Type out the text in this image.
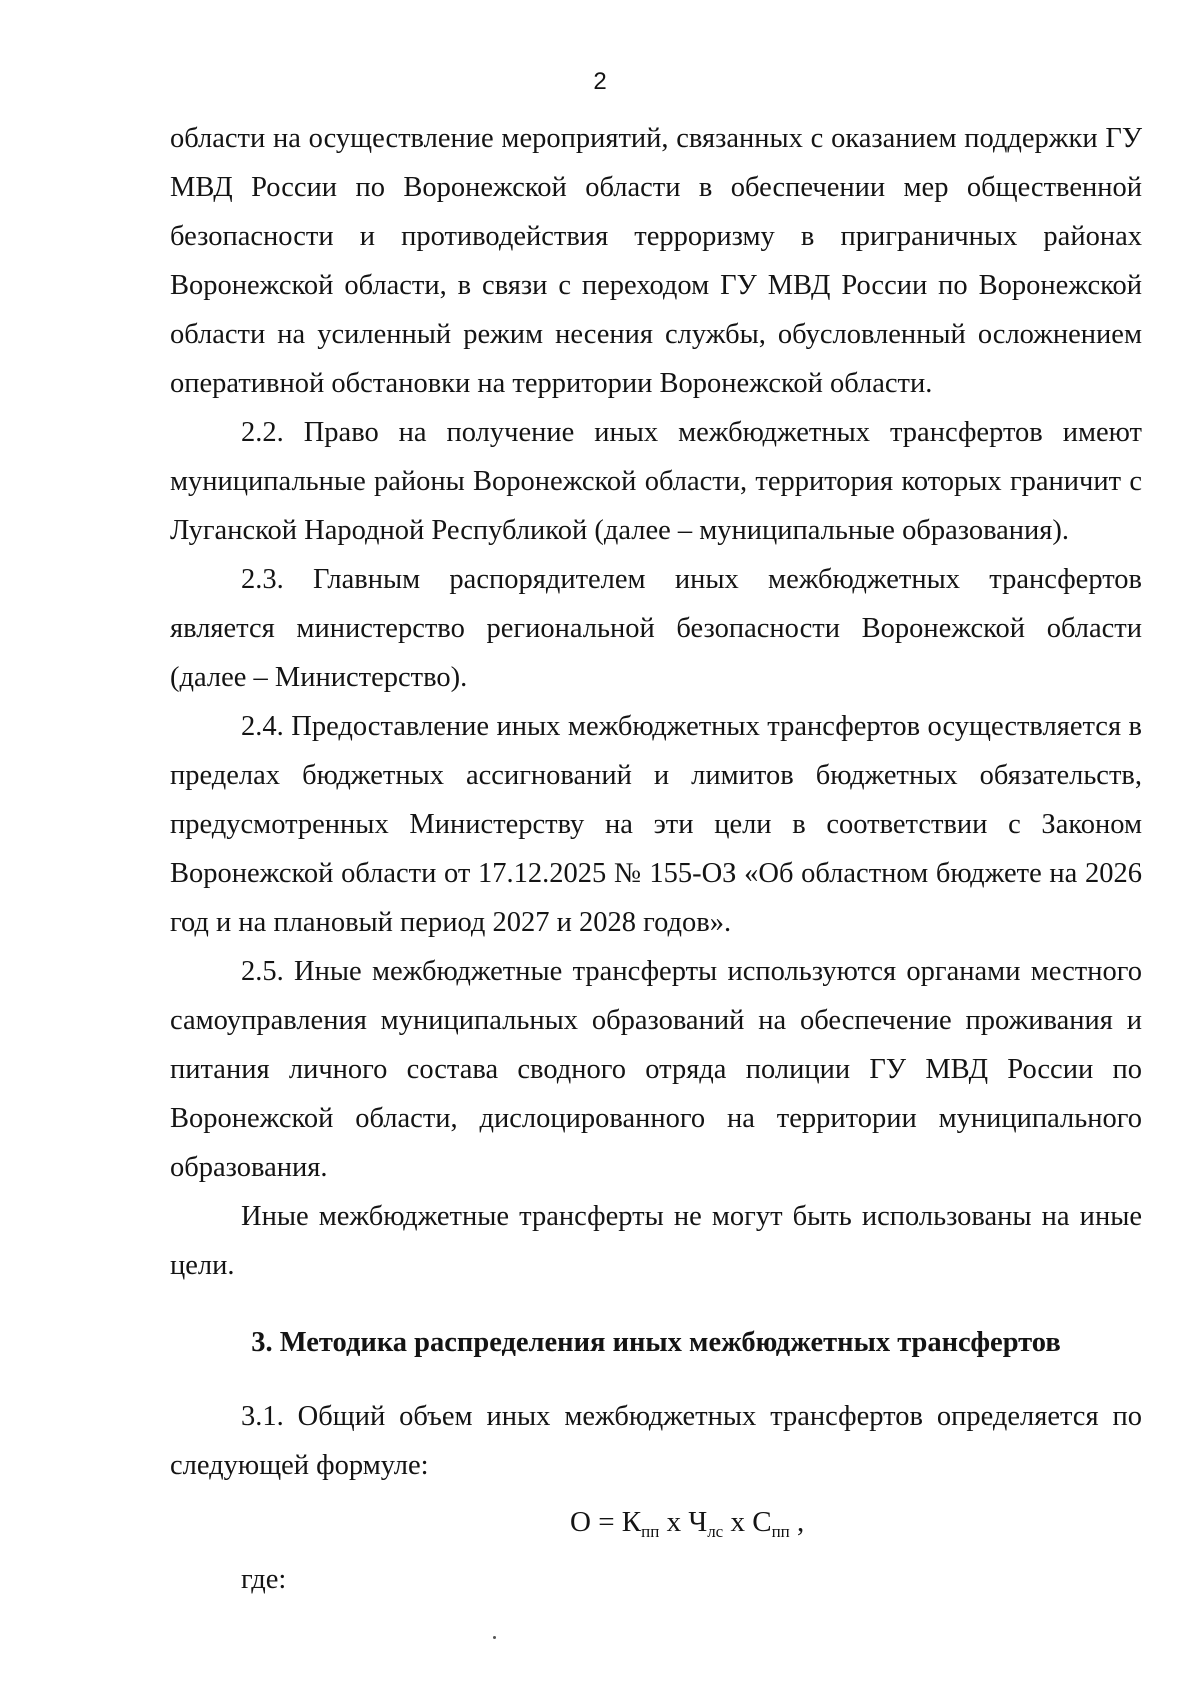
2

области на осуществление мероприятий, связанных с оказанием поддержки ГУ МВД России по Воронежской области в обеспечении мер общественной безопасности и противодействия терроризму в приграничных районах Воронежской области, в связи с переходом ГУ МВД России по Воронежской области на усиленный режим несения службы, обусловленный осложнением оперативной обстановки на территории Воронежской области.

2.2. Право на получение иных межбюджетных трансфертов имеют муниципальные районы Воронежской области, территория которых граничит с Луганской Народной Республикой (далее – муниципальные образования).

2.3. Главным распорядителем иных межбюджетных трансфертов является министерство региональной безопасности Воронежской области (далее – Министерство).

2.4. Предоставление иных межбюджетных трансфертов осуществляется в пределах бюджетных ассигнований и лимитов бюджетных обязательств, предусмотренных Министерству на эти цели в соответствии с Законом Воронежской области от 17.12.2025 № 155-ОЗ «Об областном бюджете на 2026 год и на плановый период 2027 и 2028 годов».

2.5. Иные межбюджетные трансферты используются органами местного самоуправления муниципальных образований на обеспечение проживания и питания личного состава сводного отряда полиции ГУ МВД России по Воронежской области, дислоцированного на территории муниципального образования.

Иные межбюджетные трансферты не могут быть использованы на иные цели.

3. Методика распределения иных межбюджетных трансфертов

3.1. Общий объем иных межбюджетных трансфертов определяется по следующей формуле:

$О = К_{пп}$ x $Ч_{лс}$ x $С_{пп}$ ,

где:
